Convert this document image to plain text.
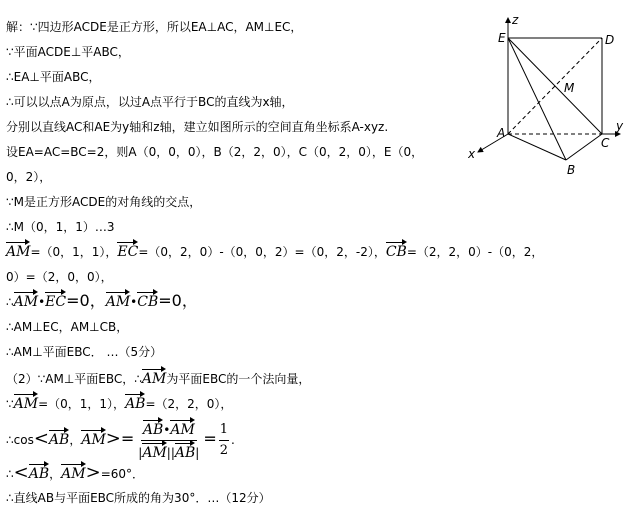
解：∵四边形ACDE是正方形，所以EA⊥AC，AM⊥EC，
∵平面ACDE⊥平ABC，
∴EA⊥平面ABC，
∴可以以点A为原点，以过A点平行于BC的直线为x轴，
分别以直线AC和AE为y轴和z轴，建立如图所示的空间直角坐标系A-xyz.
设EA=AC=BC=2，则A（0，0，0），B（2，2，0），C（0，2，0），E（0，
0，2），
∵M是正方形ACDE的对角线的交点，
∴M（0，1，1）…3
AM=（0，1，1），EC=（0，2，0）-（0，0，2）=（0，2，-2），CB=（2，2，0）-（0，2，
0）=（2，0，0），
∴AM•EC=0，AM•CB=0，
∴AM⊥EC，AM⊥CB，
∴AM⊥平面EBC． …（5分）
（2）∵AM⊥平面EBC，∴AM为平面EBC的一个法向量，
∵AM=（0，1，1），AB=（2，2，0），
∴cos<AB，$AM>= \frac{AB•AM}{|AM||AB|} = \frac{1}{2}$ .
∴<AB，AM>=60°．
∴直线AB与平面EBC所成的角为30°．…（12分）
z
E	D
M
A
C
y
x
B
